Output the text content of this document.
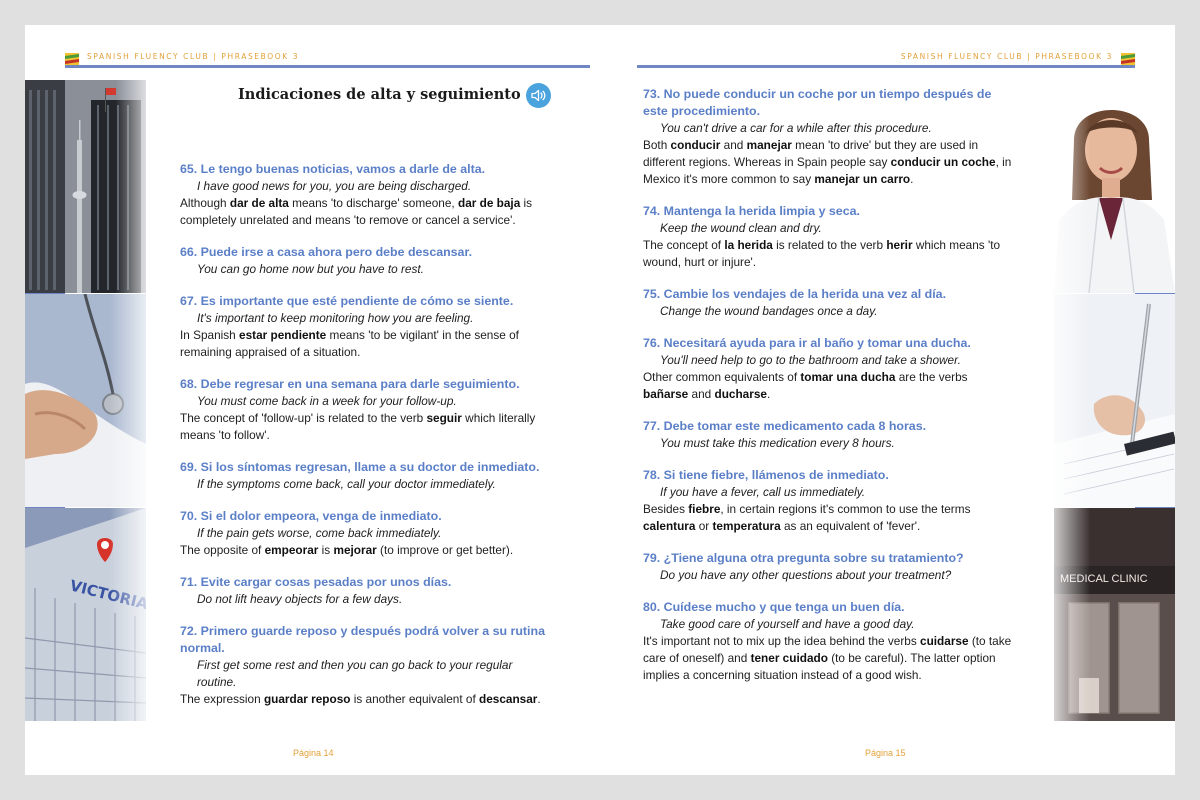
SPANISH FLUENCY CLUB | PHRASEBOOK 3
Indicaciones de alta y seguimiento
65. Le tengo buenas noticias, vamos a darle de alta.
I have good news for you, you are being discharged.
Although dar de alta means 'to discharge' someone, dar de baja is completely unrelated and means 'to remove or cancel a service'.
66. Puede irse a casa ahora pero debe descansar.
You can go home now but you have to rest.
67. Es importante que esté pendiente de cómo se siente.
It's important to keep monitoring how you are feeling.
In Spanish estar pendiente means 'to be vigilant' in the sense of remaining appraised of a situation.
68. Debe regresar en una semana para darle seguimiento.
You must come back in a week for your follow-up.
The concept of 'follow-up' is related to the verb seguir which literally means 'to follow'.
69. Si los síntomas regresan, llame a su doctor de inmediato.
If the symptoms come back, call your doctor immediately.
70. Si el dolor empeora, venga de inmediato.
If the pain gets worse, come back immediately.
The opposite of empeorar is mejorar (to improve or get better).
71. Evite cargar cosas pesadas por unos días.
Do not lift heavy objects for a few days.
72. Primero guarde reposo y después podrá volver a su rutina normal.
First get some rest and then you can go back to your regular routine.
The expression guardar reposo is another equivalent of descansar.
Página 14
SPANISH FLUENCY CLUB | PHRASEBOOK 3
73. No puede conducir un coche por un tiempo después de este procedimiento.
You can't drive a car for a while after this procedure.
Both conducir and manejar mean 'to drive' but they are used in different regions. Whereas in Spain people say conducir un coche, in Mexico it's more common to say manejar un carro.
74. Mantenga la herida limpia y seca.
Keep the wound clean and dry.
The concept of la herida is related to the verb herir which means 'to wound, hurt or injure'.
75. Cambie los vendajes de la herida una vez al día.
Change the wound bandages once a day.
76. Necesitará ayuda para ir al baño y tomar una ducha.
You'll need help to go to the bathroom and take a shower.
Other common equivalents of tomar una ducha are the verbs bañarse and ducharse.
77. Debe tomar este medicamento cada 8 horas.
You must take this medication every 8 hours.
78. Si tiene fiebre, llámenos de inmediato.
If you have a fever, call us immediately.
Besides fiebre, in certain regions it's common to use the terms calentura or temperatura as an equivalent of 'fever'.
79. ¿Tiene alguna otra pregunta sobre su tratamiento?
Do you have any other questions about your treatment?
80. Cuídese mucho y que tenga un buen día.
Take good care of yourself and have a good day.
It's important not to mix up the idea behind the verbs cuidarse (to take care of oneself) and tener cuidado (to be careful). The latter option implies a concerning situation instead of a good wish.
Página 15
